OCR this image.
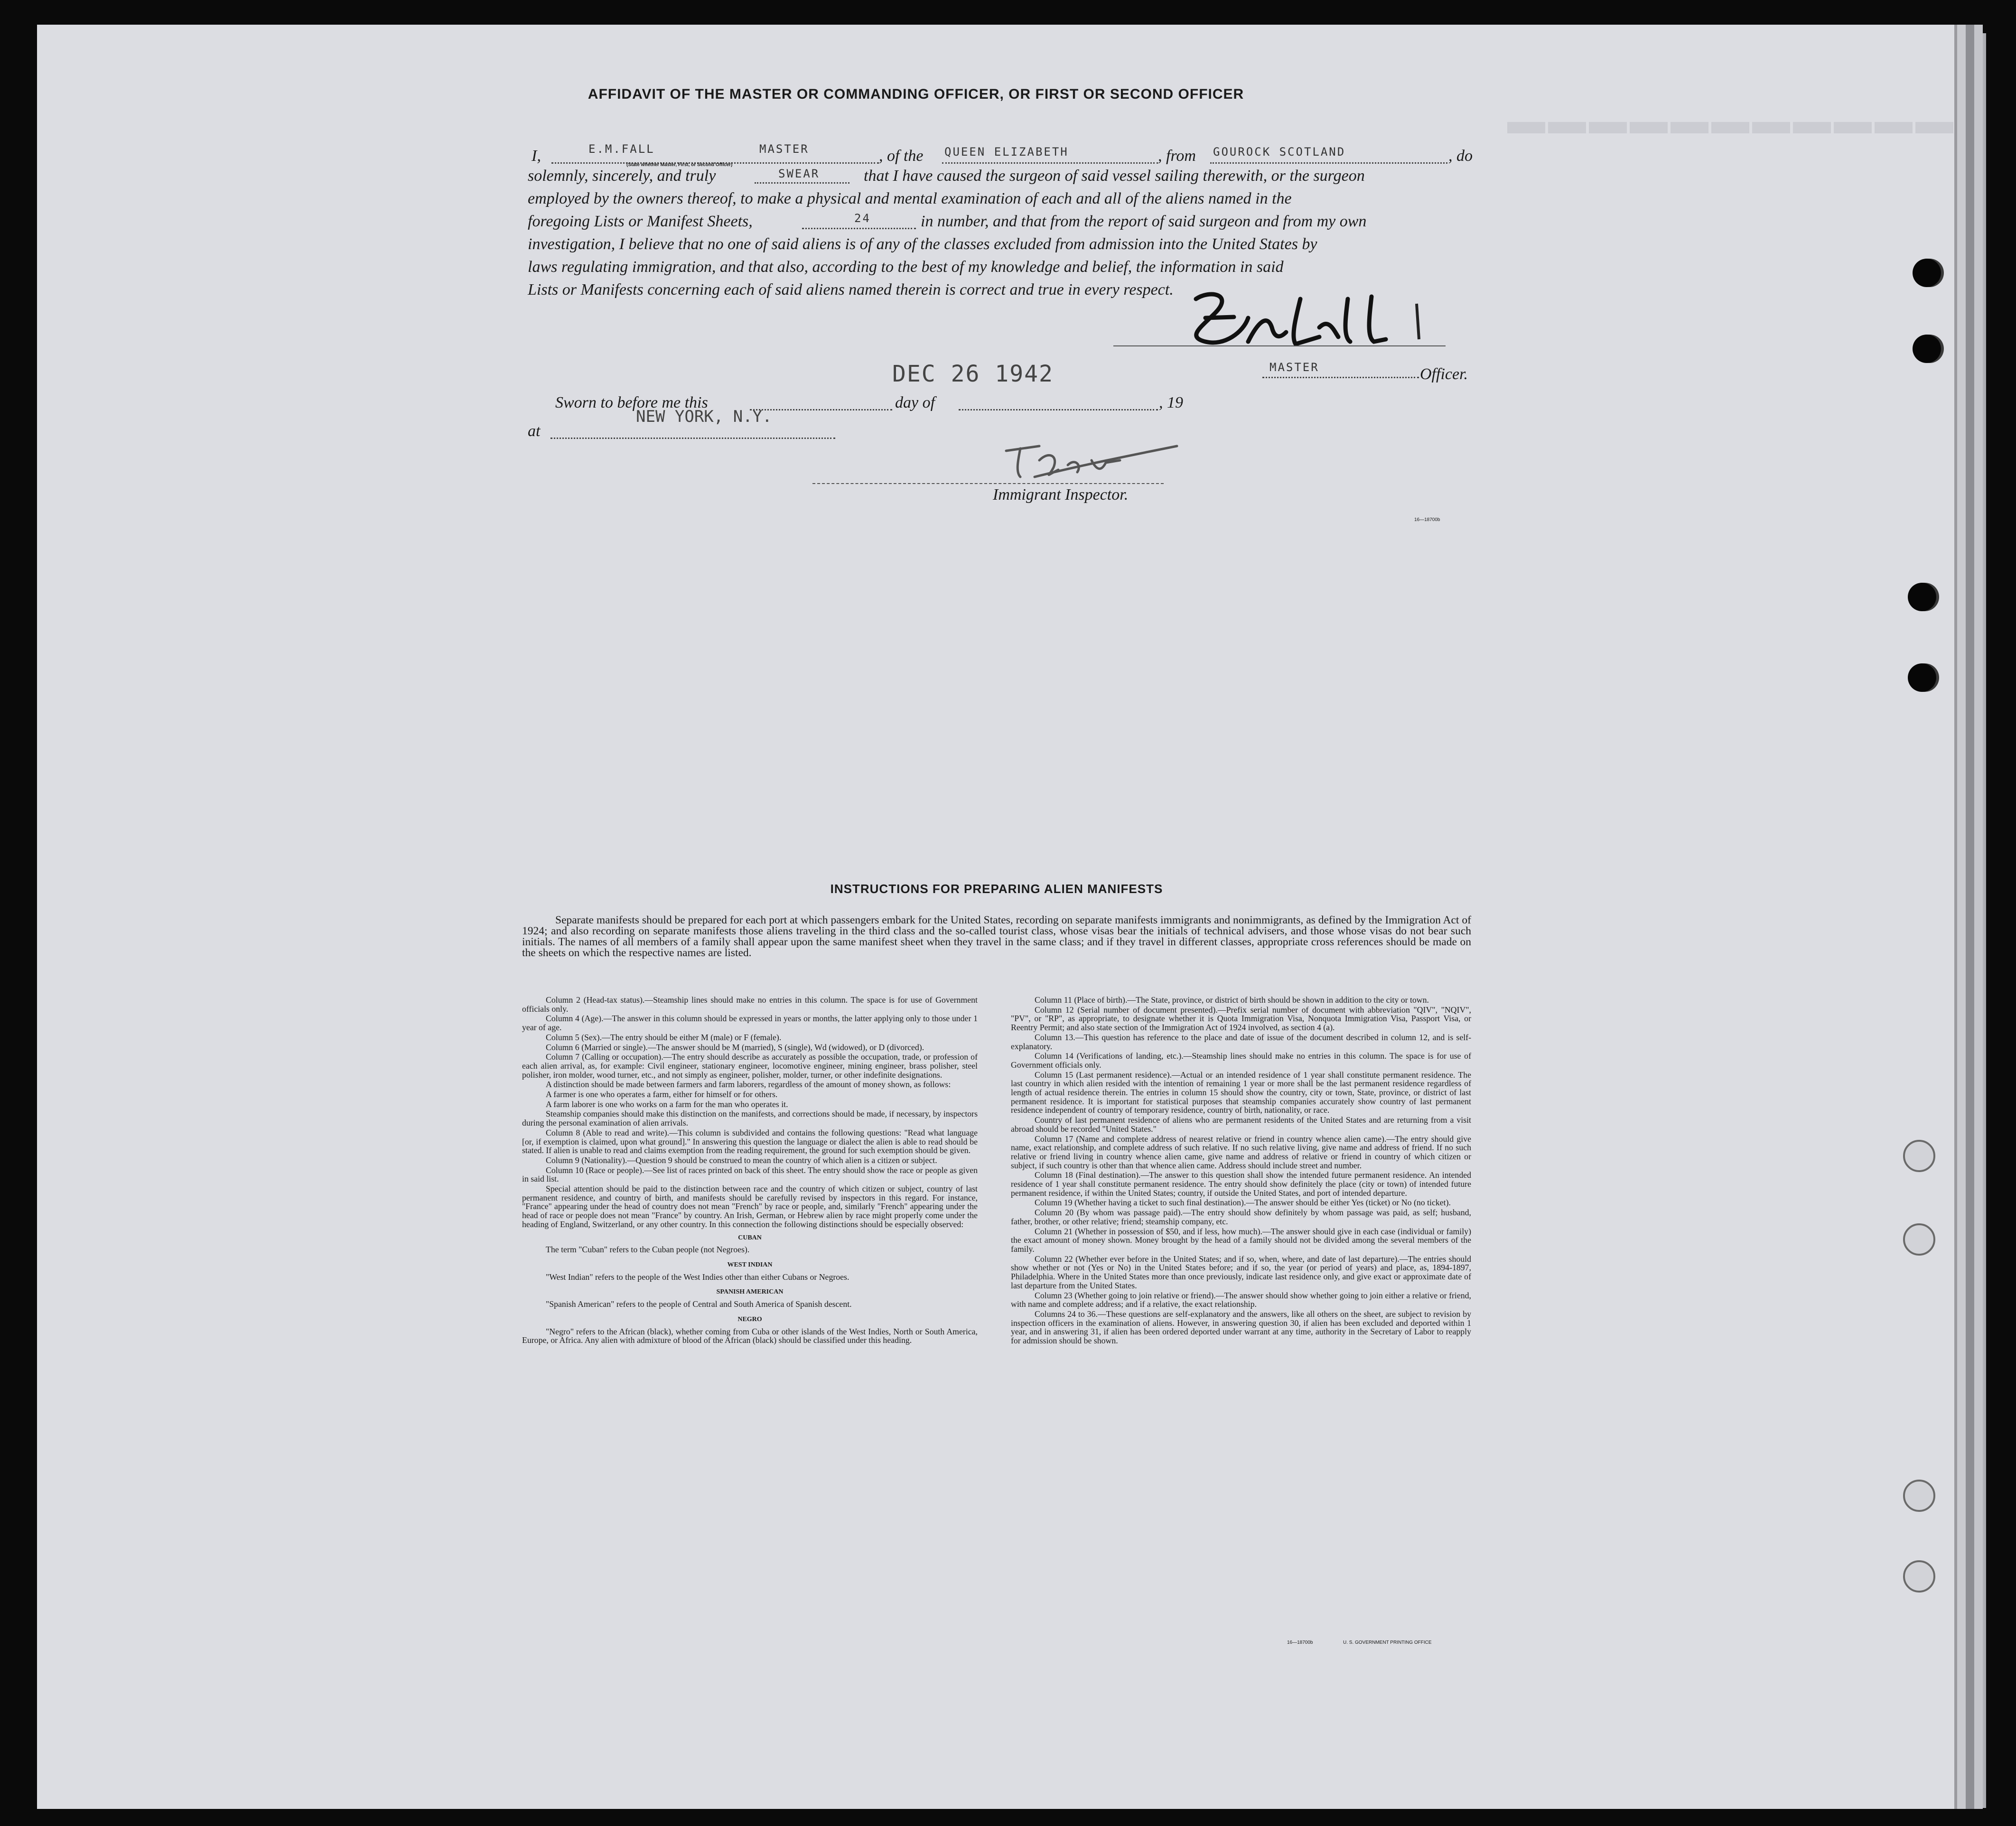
▬▬▬▬▬▬▬▬▬▬▬
AFFIDAVIT OF THE MASTER OR COMMANDING OFFICER, OR FIRST OR SECOND OFFICER
I,	E.M.FALL	MASTER
(State whether Master, First, or Second Officer)
, of the QUEEN ELIZABETH	, from GOUROCK SCOTLAND	, do
solemnly, sincerely, and truly	SWEAR	that I have caused the surgeon of said vessel sailing therewith, or the surgeon
employed by the owners thereof, to make a physical and mental examination of each and all of the aliens named in the
foregoing Lists or Manifest Sheets,	24	in number, and that from the report of said surgeon and from my own
investigation, I believe that no one of said aliens is of any of the classes excluded from admission into the United States by
laws regulating immigration, and that also, according to the best of my knowledge and belief, the information in said
Lists or Manifests concerning each of said aliens named therein is correct and true in every respect.
DEC 26 1942	MASTER	Officer.
Sworn to before me this
NEW YORK, N.Y.
day of	, 19
at
Immigrant Inspector.
16—18700b
INSTRUCTIONS FOR PREPARING ALIEN MANIFESTS
Separate manifests should be prepared for each port at which passengers embark for the United States, recording on separate manifests immigrants and nonimmigrants, as defined by the Immigration Act of 1924; and also recording on separate manifests those aliens traveling in the third class and the so-called tourist class, whose visas bear the initials of technical advisers, and those whose visas do not bear such initials. The names of all members of a family shall appear upon the same manifest sheet when they travel in the same class; and if they travel in different classes, appropriate cross references should be made on the sheets on which the respective names are listed.

Column 2 (Head-tax status).—Steamship lines should make no entries in this column. The space is for use of Government officials only.

Column 4 (Age).—The answer in this column should be expressed in years or months, the latter applying only to those under 1 year of age.

Column 5 (Sex).—The entry should be either M (male) or F (female).

Column 6 (Married or single).—The answer should be M (married), S (single), Wd (widowed), or D (divorced).

Column 7 (Calling or occupation).—The entry should describe as accurately as possible the occupation, trade, or profession of each alien arrival, as, for example: Civil engineer, stationary engineer, locomotive engineer, mining engineer, brass polisher, steel polisher, iron molder, wood turner, etc., and not simply as engineer, polisher, molder, turner, or other indefinite designations.

A distinction should be made between farmers and farm laborers, regardless of the amount of money shown, as follows:

A farmer is one who operates a farm, either for himself or for others.

A farm laborer is one who works on a farm for the man who operates it.

Steamship companies should make this distinction on the manifests, and corrections should be made, if necessary, by inspectors during the personal examination of alien arrivals.

Column 8 (Able to read and write).—This column is subdivided and contains the following questions: "Read what language [or, if exemption is claimed, upon what ground]." In answering this question the language or dialect the alien is able to read should be stated. If alien is unable to read and claims exemption from the reading requirement, the ground for such exemption should be given.

Column 9 (Nationality).—Question 9 should be construed to mean the country of which alien is a citizen or subject.

Column 10 (Race or people).—See list of races printed on back of this sheet. The entry should show the race or people as given in said list.

Special attention should be paid to the distinction between race and the country of which citizen or subject, country of last permanent residence, and country of birth, and manifests should be carefully revised by inspectors in this regard. For instance, "France" appearing under the head of country does not mean "French" by race or people, and, similarly "French" appearing under the head of race or people does not mean "France" by country. An Irish, German, or Hebrew alien by race might properly come under the heading of England, Switzerland, or any other country. In this connection the following distinctions should be especially observed:

CUBAN

The term "Cuban" refers to the Cuban people (not Negroes).

WEST INDIAN

"West Indian" refers to the people of the West Indies other than either Cubans or Negroes.

SPANISH AMERICAN

"Spanish American" refers to the people of Central and South America of Spanish descent.

NEGRO

"Negro" refers to the African (black), whether coming from Cuba or other islands of the West Indies, North or South America, Europe, or Africa. Any alien with admixture of blood of the African (black) should be classified under this heading.

Column 11 (Place of birth).—The State, province, or district of birth should be shown in addition to the city or town.

Column 12 (Serial number of document presented).—Prefix serial number of document with abbreviation "QIV", "NQIV", "PV", or "RP", as appropriate, to designate whether it is Quota Immigration Visa, Nonquota Immigration Visa, Passport Visa, or Reentry Permit; and also state section of the Immigration Act of 1924 involved, as section 4 (a).

Column 13.—This question has reference to the place and date of issue of the document described in column 12, and is self-explanatory.

Column 14 (Verifications of landing, etc.).—Steamship lines should make no entries in this column. The space is for use of Government officials only.

Column 15 (Last permanent residence).—Actual or an intended residence of 1 year shall constitute permanent residence. The last country in which alien resided with the intention of remaining 1 year or more shall be the last permanent residence regardless of length of actual residence therein. The entries in column 15 should show the country, city or town, State, province, or district of last permanent residence. It is important for statistical purposes that steamship companies accurately show country of last permanent residence independent of country of temporary residence, country of birth, nationality, or race.

Country of last permanent residence of aliens who are permanent residents of the United States and are returning from a visit abroad should be recorded "United States."

Column 17 (Name and complete address of nearest relative or friend in country whence alien came).—The entry should give name, exact relationship, and complete address of such relative. If no such relative living, give name and address of friend. If no such relative or friend living in country whence alien came, give name and address of relative or friend in country of which citizen or subject, if such country is other than that whence alien came. Address should include street and number.

Column 18 (Final destination).—The answer to this question shall show the intended future permanent residence. An intended residence of 1 year shall constitute permanent residence. The entry should show definitely the place (city or town) of intended future permanent residence, if within the United States; country, if outside the United States, and port of intended departure.

Column 19 (Whether having a ticket to such final destination).—The answer should be either Yes (ticket) or No (no ticket).

Column 20 (By whom was passage paid).—The entry should show definitely by whom passage was paid, as self; husband, father, brother, or other relative; friend; steamship company, etc.

Column 21 (Whether in possession of $50, and if less, how much).—The answer should give in each case (individual or family) the exact amount of money shown. Money brought by the head of a family should not be divided among the several members of the family.

Column 22 (Whether ever before in the United States; and if so, when, where, and date of last departure).—The entries should show whether or not (Yes or No) in the United States before; and if so, the year (or period of years) and place, as, 1894-1897, Philadelphia. Where in the United States more than once previously, indicate last residence only, and give exact or approximate date of last departure from the United States.

Column 23 (Whether going to join relative or friend).—The answer should show whether going to join either a relative or friend, with name and complete address; and if a relative, the exact relationship.

Columns 24 to 36.—These questions are self-explanatory and the answers, like all others on the sheet, are subject to revision by inspection officers in the examination of aliens. However, in answering question 30, if alien has been excluded and deported within 1 year, and in answering 31, if alien has been ordered deported under warrant at any time, authority in the Secretary of Labor to reapply for admission should be shown.

16—18700b	U. S. GOVERNMENT PRINTING OFFICE
